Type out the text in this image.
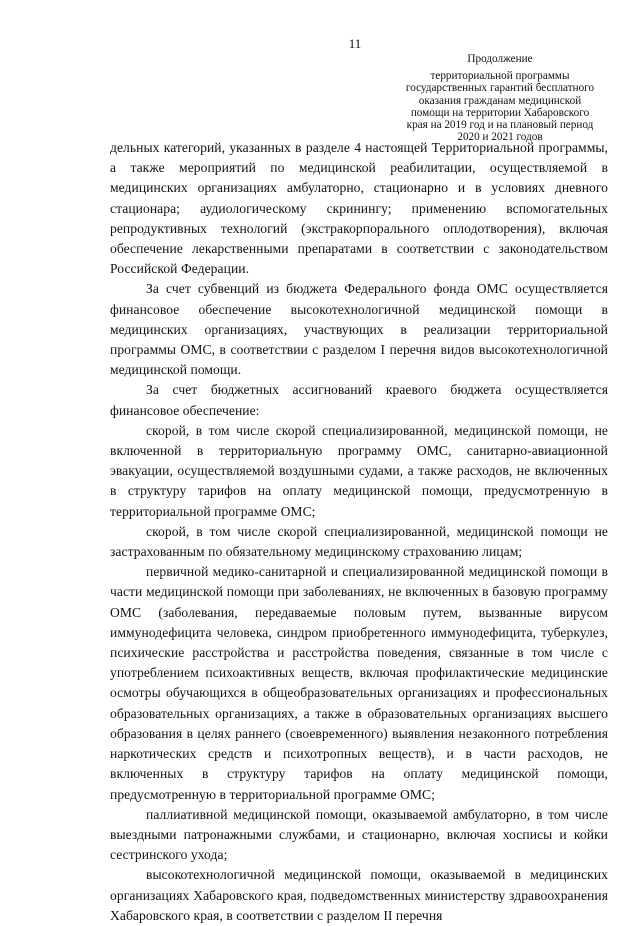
11
Продолжение
территориальной программы
государственных гарантий бесплатного
оказания гражданам медицинской
помощи на территории Хабаровского
края на 2019 год и на плановый период
2020 и 2021 годов

дельных категорий, указанных в разделе 4 настоящей Территориальной программы, а также мероприятий по медицинской реабилитации, осуществляемой в медицинских организациях амбулаторно, стационарно и в условиях дневного стационара; аудиологическому скринингу; применению вспомогательных репродуктивных технологий (экстракорпорального оплодотворения), включая обеспечение лекарственными препаратами в соответствии с законодательством Российской Федерации.

За счет субвенций из бюджета Федерального фонда ОМС осуществляется финансовое обеспечение высокотехнологичной медицинской помощи в медицинских организациях, участвующих в реализации территориальной программы ОМС, в соответствии с разделом I перечня видов высокотехнологичной медицинской помощи.

За счет бюджетных ассигнований краевого бюджета осуществляется финансовое обеспечение:

скорой, в том числе скорой специализированной, медицинской помощи, не включенной в территориальную программу ОМС, санитарно-авиационной эвакуации, осуществляемой воздушными судами, а также расходов, не включенных в структуру тарифов на оплату медицинской помощи, предусмотренную в территориальной программе ОМС;

скорой, в том числе скорой специализированной, медицинской помощи не застрахованным по обязательному медицинскому страхованию лицам;

первичной медико-санитарной и специализированной медицинской помощи в части медицинской помощи при заболеваниях, не включенных в базовую программу ОМС (заболевания, передаваемые половым путем, вызванные вирусом иммунодефицита человека, синдром приобретенного иммунодефицита, туберкулез, психические расстройства и расстройства поведения, связанные в том числе с употреблением психоактивных веществ, включая профилактические медицинские осмотры обучающихся в общеобразовательных организациях и профессиональных образовательных организациях, а также в образовательных организациях высшего образования в целях раннего (своевременного) выявления незаконного потребления наркотических средств и психотропных веществ), и в части расходов, не включенных в структуру тарифов на оплату медицинской помощи, предусмотренную в территориальной программе ОМС;

паллиативной медицинской помощи, оказываемой амбулаторно, в том числе выездными патронажными службами, и стационарно, включая хосписы и койки сестринского ухода;

высокотехнологичной медицинской помощи, оказываемой в медицинских организациях Хабаровского края, подведомственных министерству здравоохранения Хабаровского края, в соответствии с разделом II перечня
